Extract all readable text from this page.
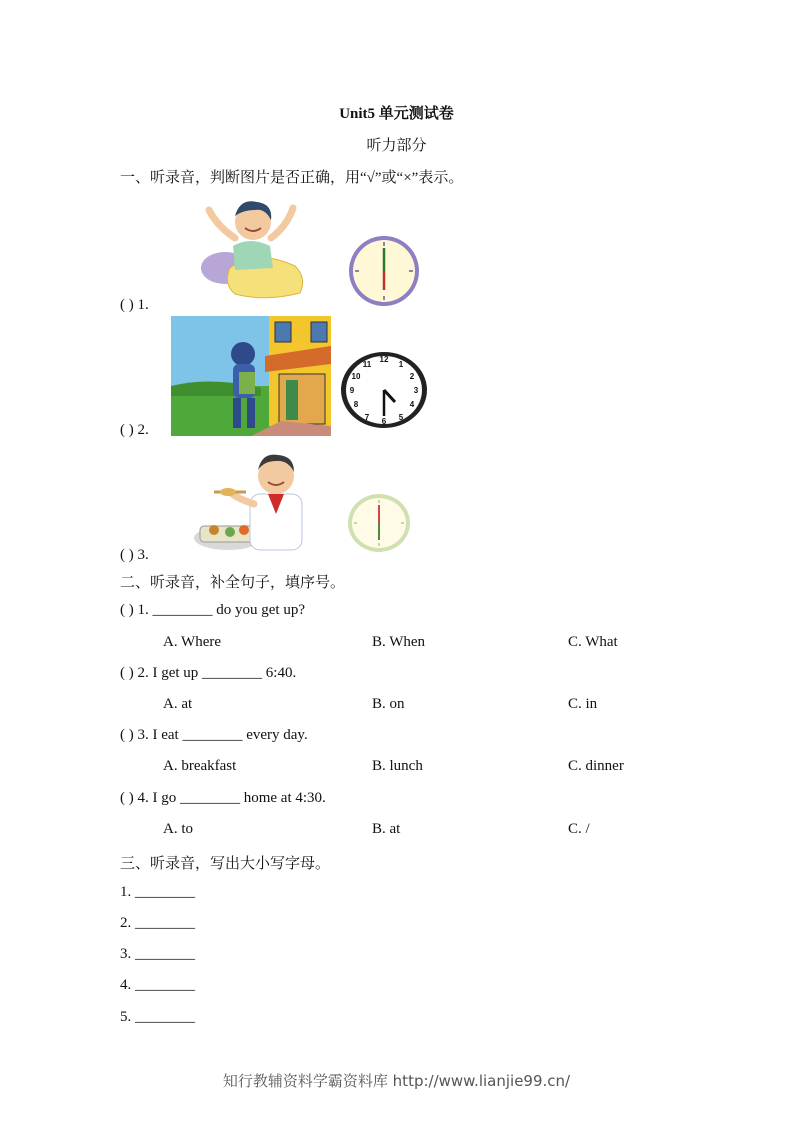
Unit5 单元测试卷
听力部分
一、听录音，判断图片是否正确，用“√”或“×”表示。
( ) 1.
12
1
2
3
4
5
6
7
8
9
10
11
( ) 2.
( ) 3.
二、听录音，补全句子，填序号。
( ) 1. ________ do you get up?
A. Where	B. When	C. What
( ) 2. I get up ________ 6:40.
A. at	B. on	C. in
( ) 3. I eat ________ every day.
A. breakfast	B. lunch	C. dinner
( ) 4. I go ________ home at 4:30.
A. to	B. at	C. /
三、听录音，写出大小写字母。
1. ________
2. ________
3. ________
4. ________
5. ________
知行教辅资料学霸资料库 http://www.lianjie99.cn/
